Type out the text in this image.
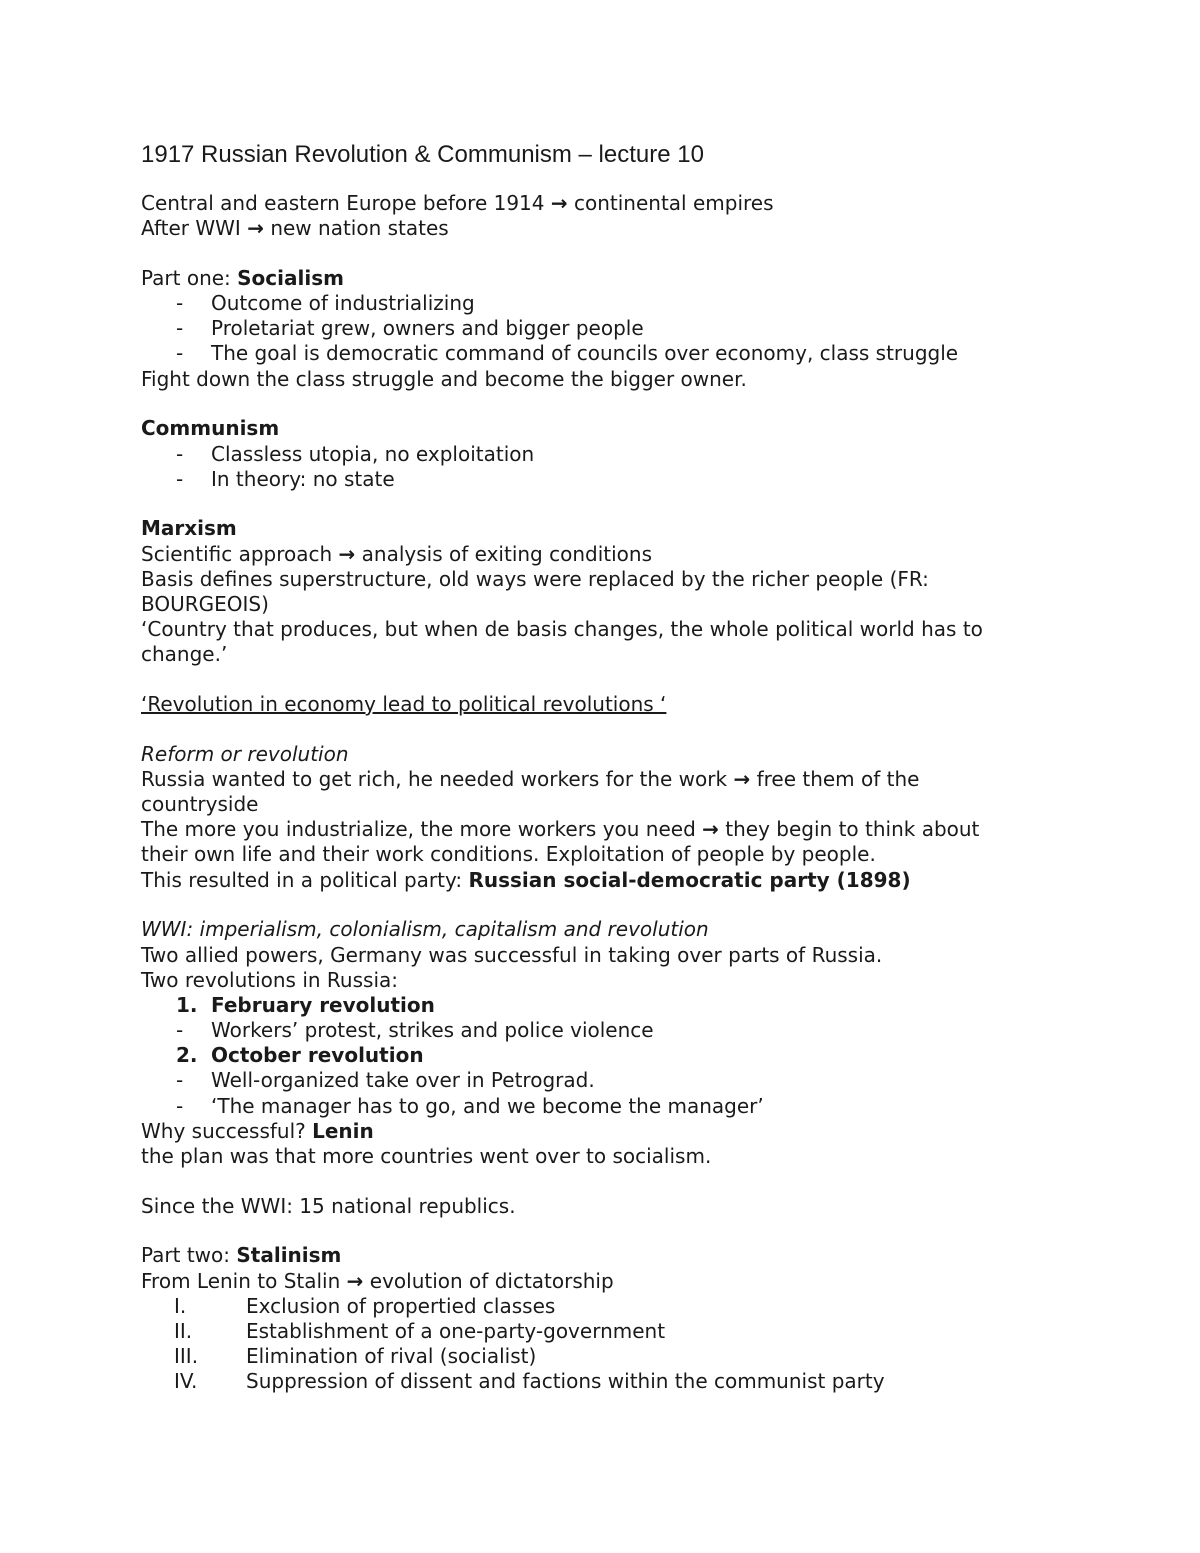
1917 Russian Revolution & Communism – lecture 10
Central and eastern Europe before 1914 → continental empires
After WWI → new nation states
Part one: Socialism
- Outcome of industrializing
- Proletariat grew, owners and bigger people
- The goal is democratic command of councils over economy, class struggle
Fight down the class struggle and become the bigger owner.
Communism
- Classless utopia, no exploitation
- In theory: no state
Marxism
Scientific approach → analysis of exiting conditions
Basis defines superstructure, old ways were replaced by the richer people (FR:
BOURGEOIS)
‘Country that produces, but when de basis changes, the whole political world has to
change.’
‘Revolution in economy lead to political revolutions ‘
Reform or revolution
Russia wanted to get rich, he needed workers for the work → free them of the
countryside
The more you industrialize, the more workers you need → they begin to think about
their own life and their work conditions. Exploitation of people by people.
This resulted in a political party: Russian social-democratic party (1898)
WWI: imperialism, colonialism, capitalism and revolution
Two allied powers, Germany was successful in taking over parts of Russia.
Two revolutions in Russia:
1. February revolution
- Workers’ protest, strikes and police violence
2. October revolution
- Well-organized take over in Petrograd.
- ‘The manager has to go, and we become the manager’
Why successful? Lenin
the plan was that more countries went over to socialism.
Since the WWI: 15 national republics.
Part two: Stalinism
From Lenin to Stalin → evolution of dictatorship
I.	Exclusion of propertied classes
II.	Establishment of a one-party-government
III. Elimination of rival (socialist)
IV. Suppression of dissent and factions within the communist party
